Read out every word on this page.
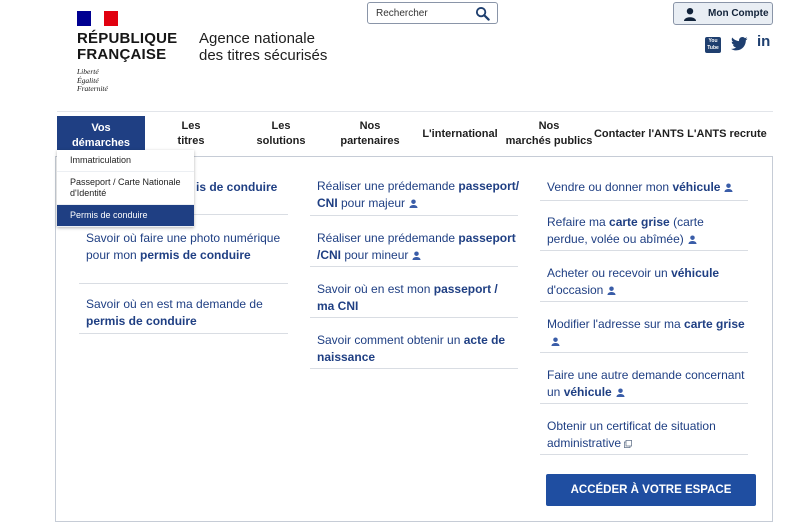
RÉPUBLIQUE
FRANÇAISE
Liberté
Égalité
Fraternité
Agence nationale
des titres sécurisés
Rechercher
Mon Compte
You Tube	in
Vos
démarches
Les
titres
Les
solutions
Nos
partenaires
L'international
Nos
marchés publics
Contacter l'ANTS L'ANTS recrute
is de conduire
Savoir où faire une photo numérique pour mon permis de conduire
Savoir où en est ma demande de permis de conduire
Réaliser une prédemande passeport/ CNI pour majeur
Réaliser une prédemande passeport /CNI pour mineur
Savoir où en est mon passeport / ma CNI
Savoir comment obtenir un acte de naissance
Vendre ou donner mon véhicule
Refaire ma carte grise (carte perdue, volée ou abîmée)
Acheter ou recevoir un véhicule d'occasion
Modifier l'adresse sur ma carte grise
Faire une autre demande concernant un véhicule
Obtenir un certificat de situation administrative
ACCÉDER À VOTRE ESPACE
Immatriculation
Passeport / Carte Nationale d'Identité
Permis de conduire
